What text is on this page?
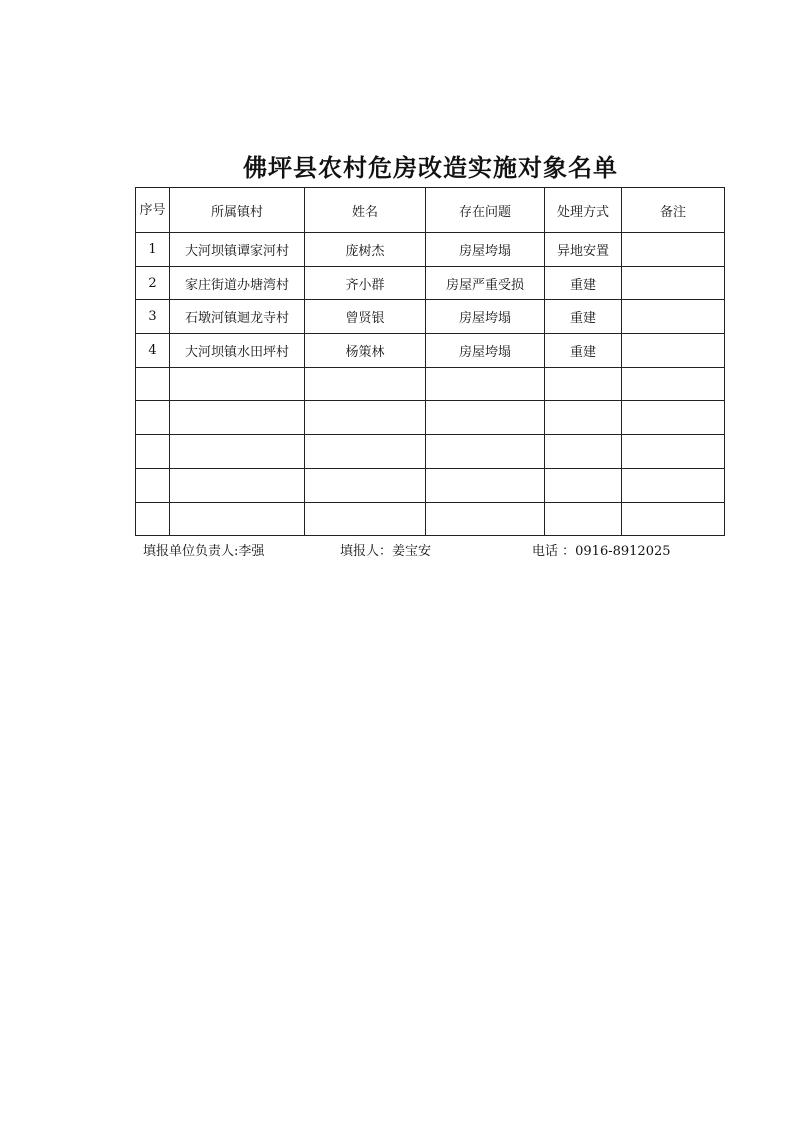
佛坪县农村危房改造实施对象名单
序号	所属镇村	姓名	存在问题	处理方式	备注
1	大河坝镇谭家河村	庞树杰	房屋垮塌	异地安置	
2	家庄街道办塘湾村	齐小群	房屋严重受损	重建	
3	石墩河镇迴龙寺村	曾贤银	房屋垮塌	重建	
4	大河坝镇水田坪村	杨策林	房屋垮塌	重建	

填报单位负责人:李强	填报人：姜宝安	电话 ：0916-8912025
